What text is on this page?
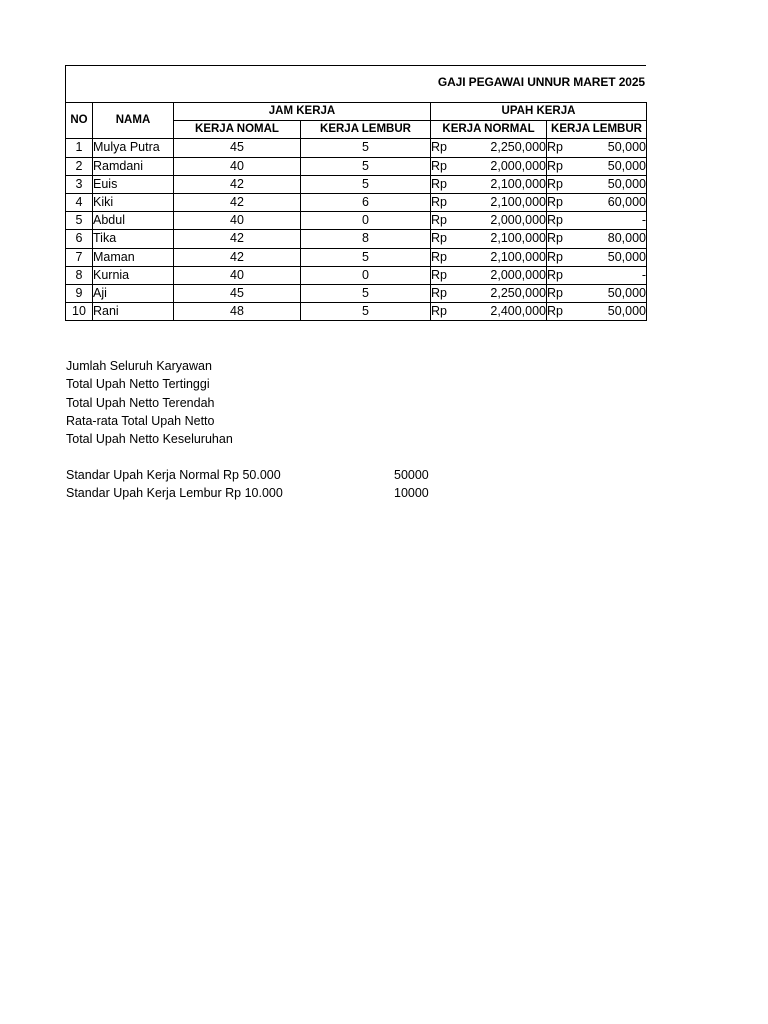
GAJI PEGAWAI UNNUR MARET 2025
NO	NAMA	JAM KERJA		UPAH KERJA	
		KERJA NOMAL	KERJA LEMBUR	KERJA NORMAL	KERJA LEMBUR
1	Mulya Putra	45	5	Rp 2,250,000	Rp 50,000

2	Ramdani	40	5	Rp 2,000,000	Rp 50,000

3	Euis	42	5	Rp 2,100,000	Rp 50,000

4	Kiki	42	6	Rp 2,100,000	Rp 60,000

5	Abdul	40	0	Rp 2,000,000	Rp -

6	Tika	42	8	Rp 2,100,000	Rp 80,000

7	Maman	42	5	Rp 2,100,000	Rp 50,000

8	Kurnia	40	0	Rp 2,000,000	Rp -

9	Aji	45	5	Rp 2,250,000	Rp 50,000

10	Rani	48	5	Rp 2,400,000	Rp 50,000
Jumlah Seluruh Karyawan
Total Upah Netto Tertinggi
Total Upah Netto Terendah
Rata-rata Total Upah Netto
Total Upah Netto Keseluruhan
Standar Upah Kerja Normal Rp 50.000	50000
Standar Upah Kerja Lembur Rp 10.000	10000
